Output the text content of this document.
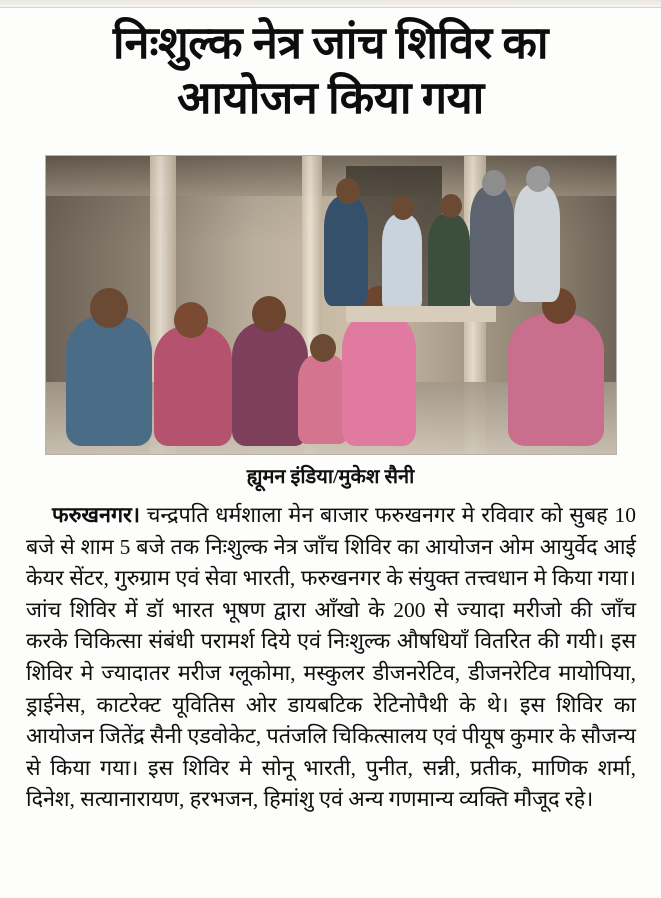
निःशुल्क नेत्र जांच शिविर का
आयोजन किया गया
ह्यूमन इंडिया/मुकेश सैनी
फरुखनगर। चन्द्रपति धर्मशाला मेन बाजार फरुखनगर मे रविवार को सुबह 10 बजे से शाम 5 बजे तक निःशुल्क नेत्र जाँच शिविर का आयोजन ओम आयुर्वेद आई केयर सेंटर, गुरुग्राम एवं सेवा भारती, फरुखनगर के संयुक्त तत्त्वधान मे किया गया। जांच शिविर में डॉ भारत भूषण द्वारा आँखो के 200 से ज्यादा मरीजो की जाँच करके चिकित्सा संबंधी परामर्श दिये एवं निःशुल्क औषधियाँ वितरित की गयी। इस शिविर मे ज्यादातर मरीज ग्लूकोमा, मस्कुलर डीजनरेटिव, डीजनरेटिव मायोपिया, ड्राईनेस, काटरेक्ट यूवितिस ओर डायबटिक रेटिनोपैथी के थे। इस शिविर का आयोजन जितेंद्र सैनी एडवोकेट, पतंजलि चिकित्सालय एवं पीयूष कुमार के सौजन्य से किया गया। इस शिविर मे सोनू भारती, पुनीत, सन्नी, प्रतीक, माणिक शर्मा, दिनेश, सत्यानारायण, हरभजन, हिमांशु एवं अन्य गणमान्य व्यक्ति मौजूद रहे।
